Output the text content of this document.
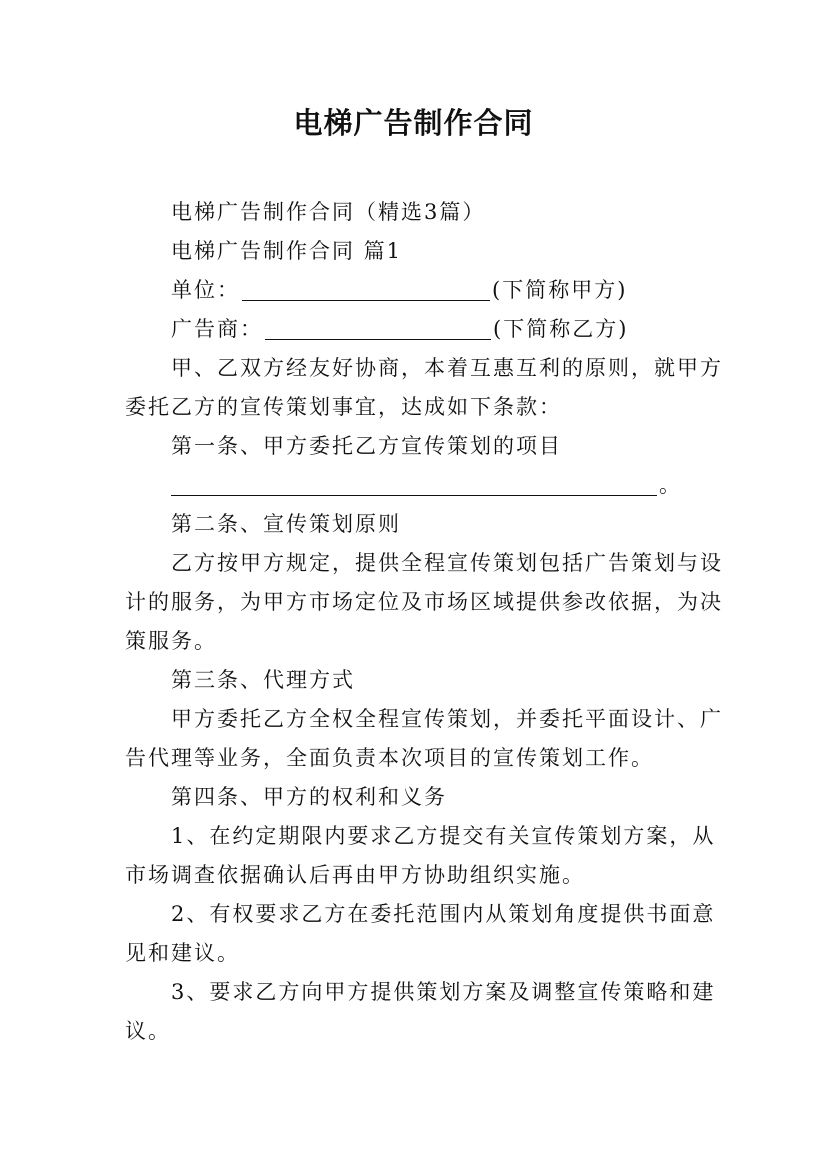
电梯广告制作合同
电梯广告制作合同（精选3篇）
电梯广告制作合同 篇1
单位：	(下简称甲方)
广告商：	(下简称乙方)
甲、乙双方经友好协商，本着互惠互利的原则，就甲方
委托乙方的宣传策划事宜，达成如下条款：
第一条、甲方委托乙方宣传策划的项目
。
第二条、宣传策划原则
乙方按甲方规定，提供全程宣传策划包括广告策划与设
计的服务，为甲方市场定位及市场区域提供参改依据，为决
策服务。
第三条、代理方式
甲方委托乙方全权全程宣传策划，并委托平面设计、广
告代理等业务，全面负责本次项目的宣传策划工作。
第四条、甲方的权利和义务
1、在约定期限内要求乙方提交有关宣传策划方案，从
市场调查依据确认后再由甲方协助组织实施。
2、有权要求乙方在委托范围内从策划角度提供书面意
见和建议。
3、要求乙方向甲方提供策划方案及调整宣传策略和建
议。
